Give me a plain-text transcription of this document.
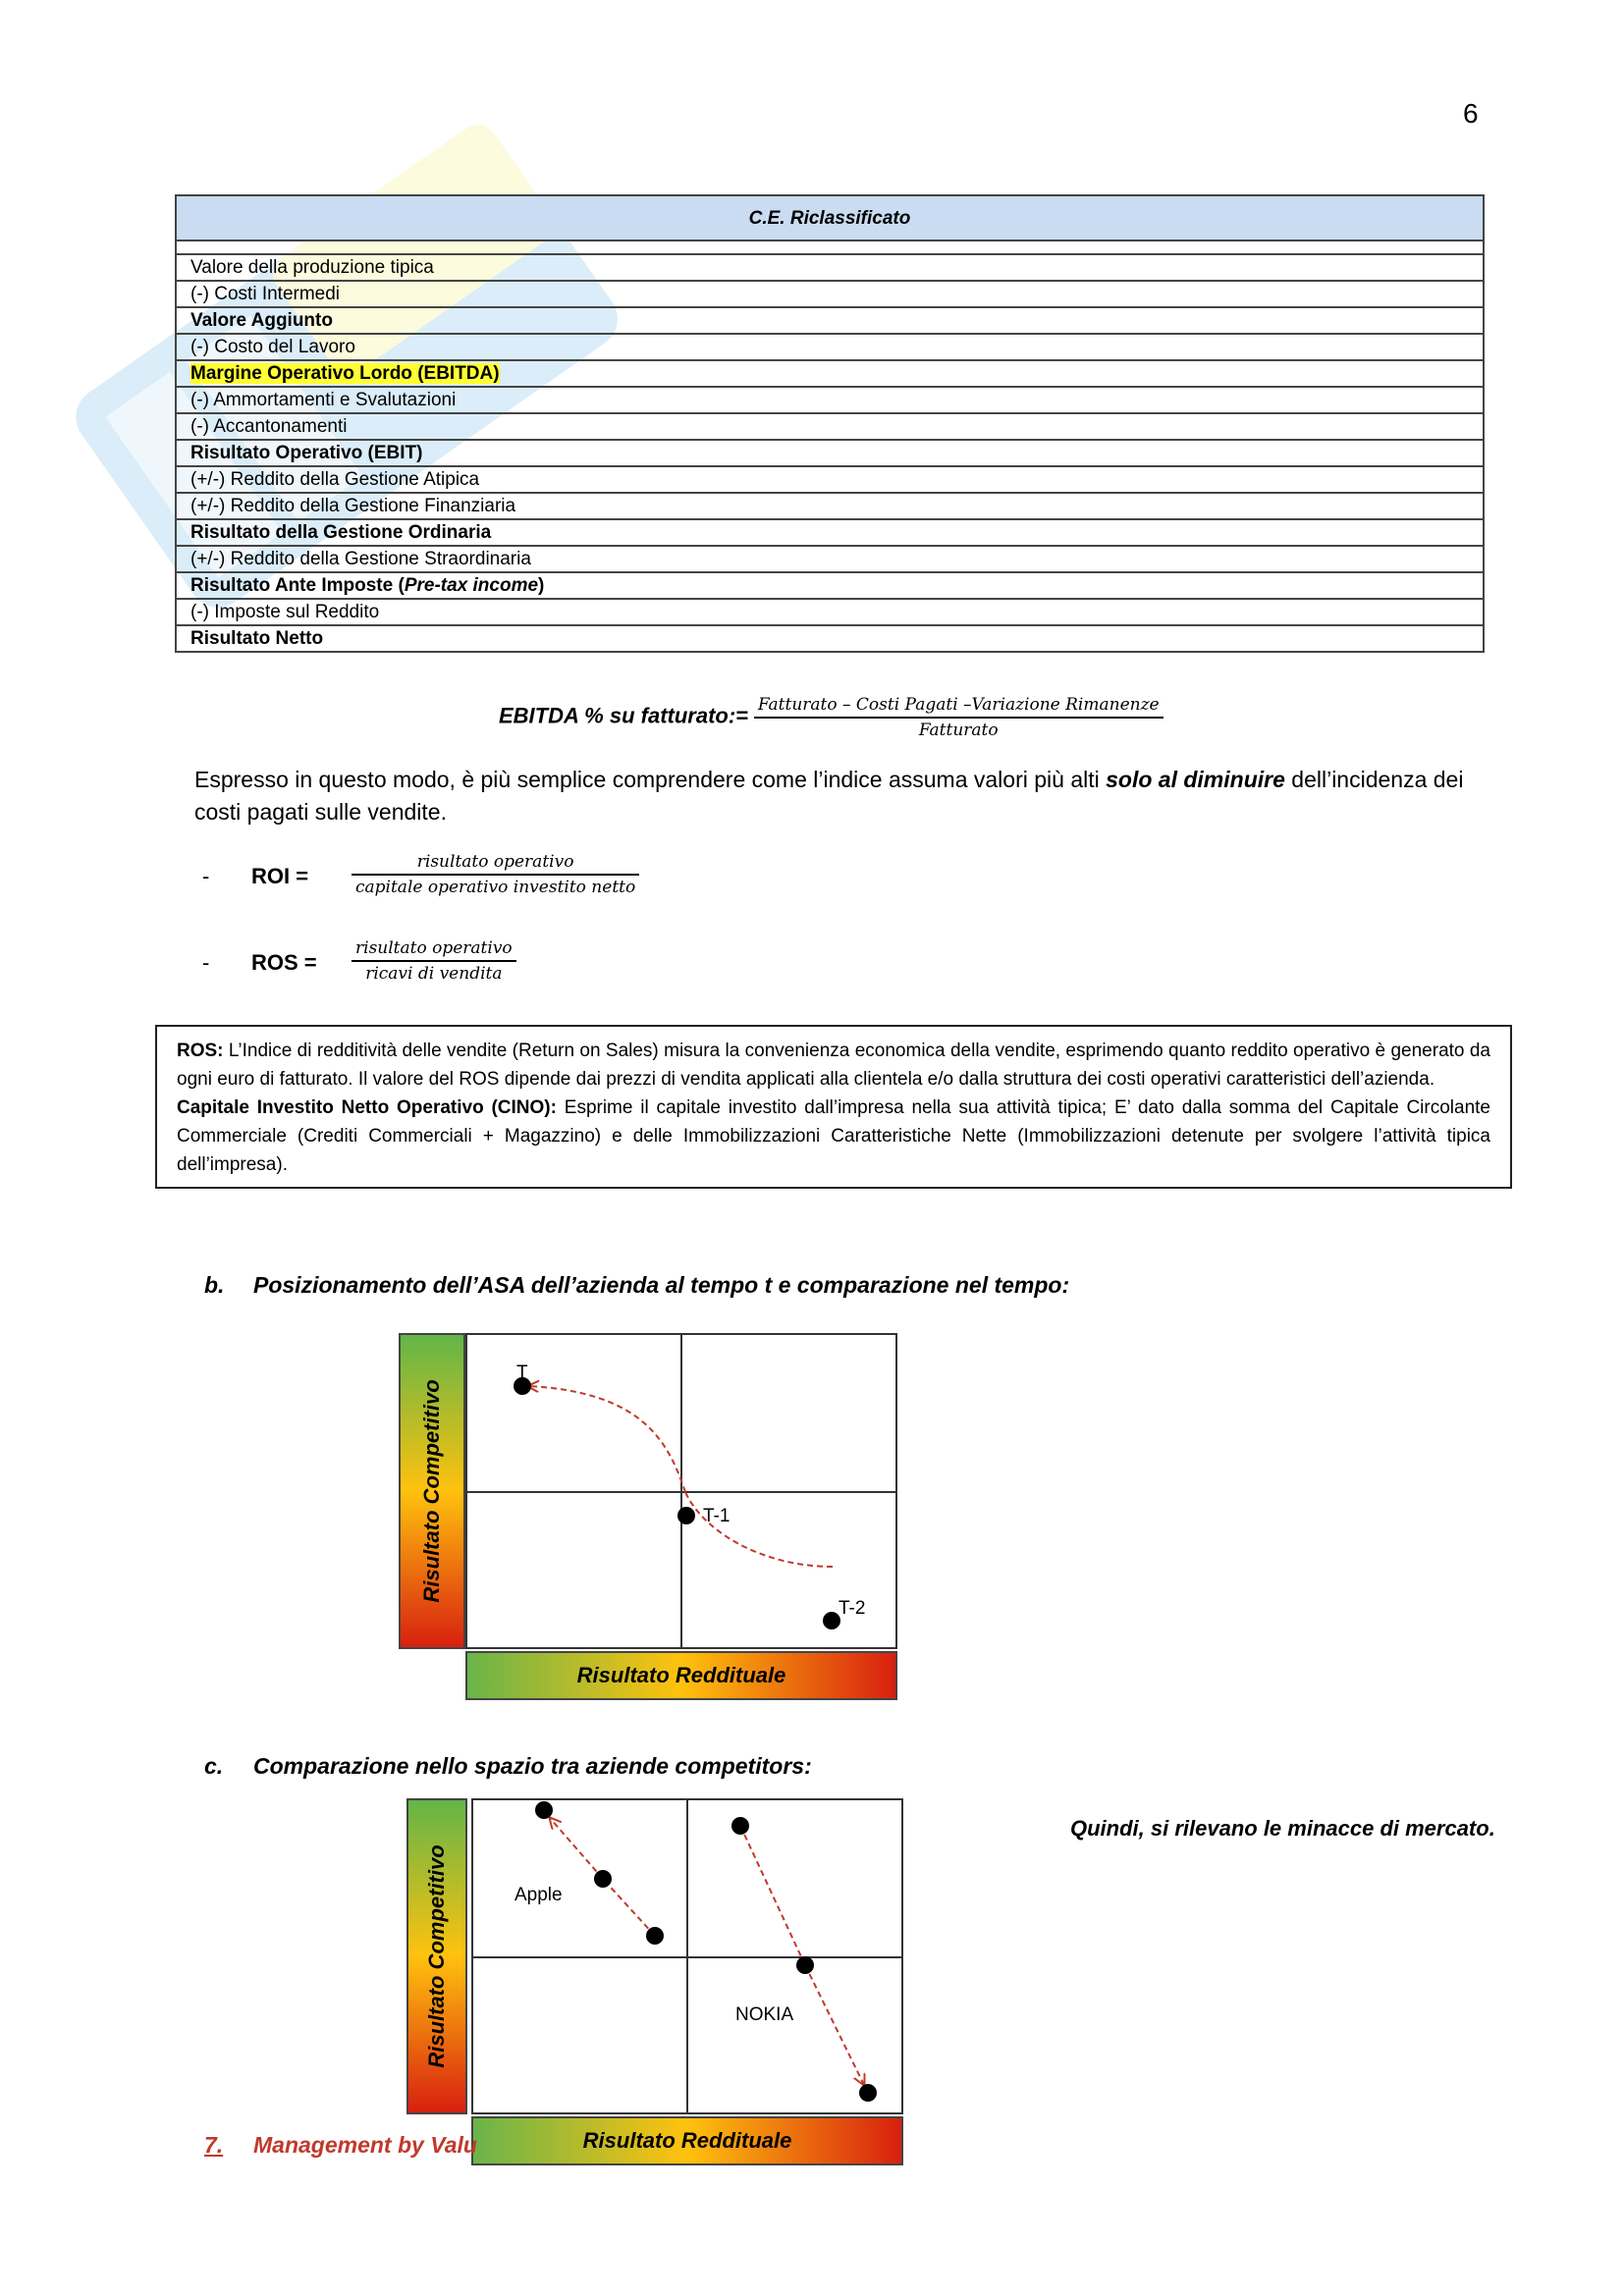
6
C.E. Riclassificato

Valore della produzione tipica
(-) Costi Intermedi
Valore Aggiunto
(-) Costo del Lavoro
Margine Operativo Lordo (EBITDA)
(-) Ammortamenti e Svalutazioni
(-) Accantonamenti
Risultato Operativo (EBIT)
(+/-) Reddito della Gestione Atipica
(+/-) Reddito della Gestione Finanziaria
Risultato della Gestione Ordinaria
(+/-) Reddito della Gestione Straordinaria
Risultato Ante Imposte (Pre-tax income)
(-) Imposte sul Reddito
Risultato Netto
EBITDA % su fatturato:= $\frac{\text{Fatturato – Costi Pagati –Variazione Rimanenze}}{\text{Fatturato}}$
Espresso in questo modo, è più semplice comprendere come l’indice assuma valori più alti solo al diminuire dell’incidenza dei costi pagati sulle vendite.
- ROI =
risultato operativo
capitale operativo investito netto
- ROS =
risultato operativo
ricavi di vendita
ROS: L’Indice di redditività delle vendite (Return on Sales) misura la convenienza economica della vendite, esprimendo quanto reddito operativo è generato da ogni euro di fatturato. Il valore del ROS dipende dai prezzi di vendita applicati alla clientela e/o dalla struttura dei costi operativi caratteristici dell’azienda.
Capitale Investito Netto Operativo (CINO): Esprime il capitale investito dall’impresa nella sua attività tipica; E’ dato dalla somma del Capitale Circolante Commerciale (Crediti Commerciali + Magazzino) e delle Immobilizzazioni Caratteristiche Nette (Immobilizzazioni detenute per svolgere l’attività tipica dell’impresa).
b. Posizionamento dell’ASA dell’azienda al tempo t e comparazione nel tempo:
Risultato Competitivo
T
T-1
T-2
Risultato Reddituale
c. Comparazione nello spazio tra aziende competitors:
Quindi, si rilevano le minacce di mercato.
Risultato Competitivo	Apple
NOKIA
Risultato Reddituale
7. Management by Valu
